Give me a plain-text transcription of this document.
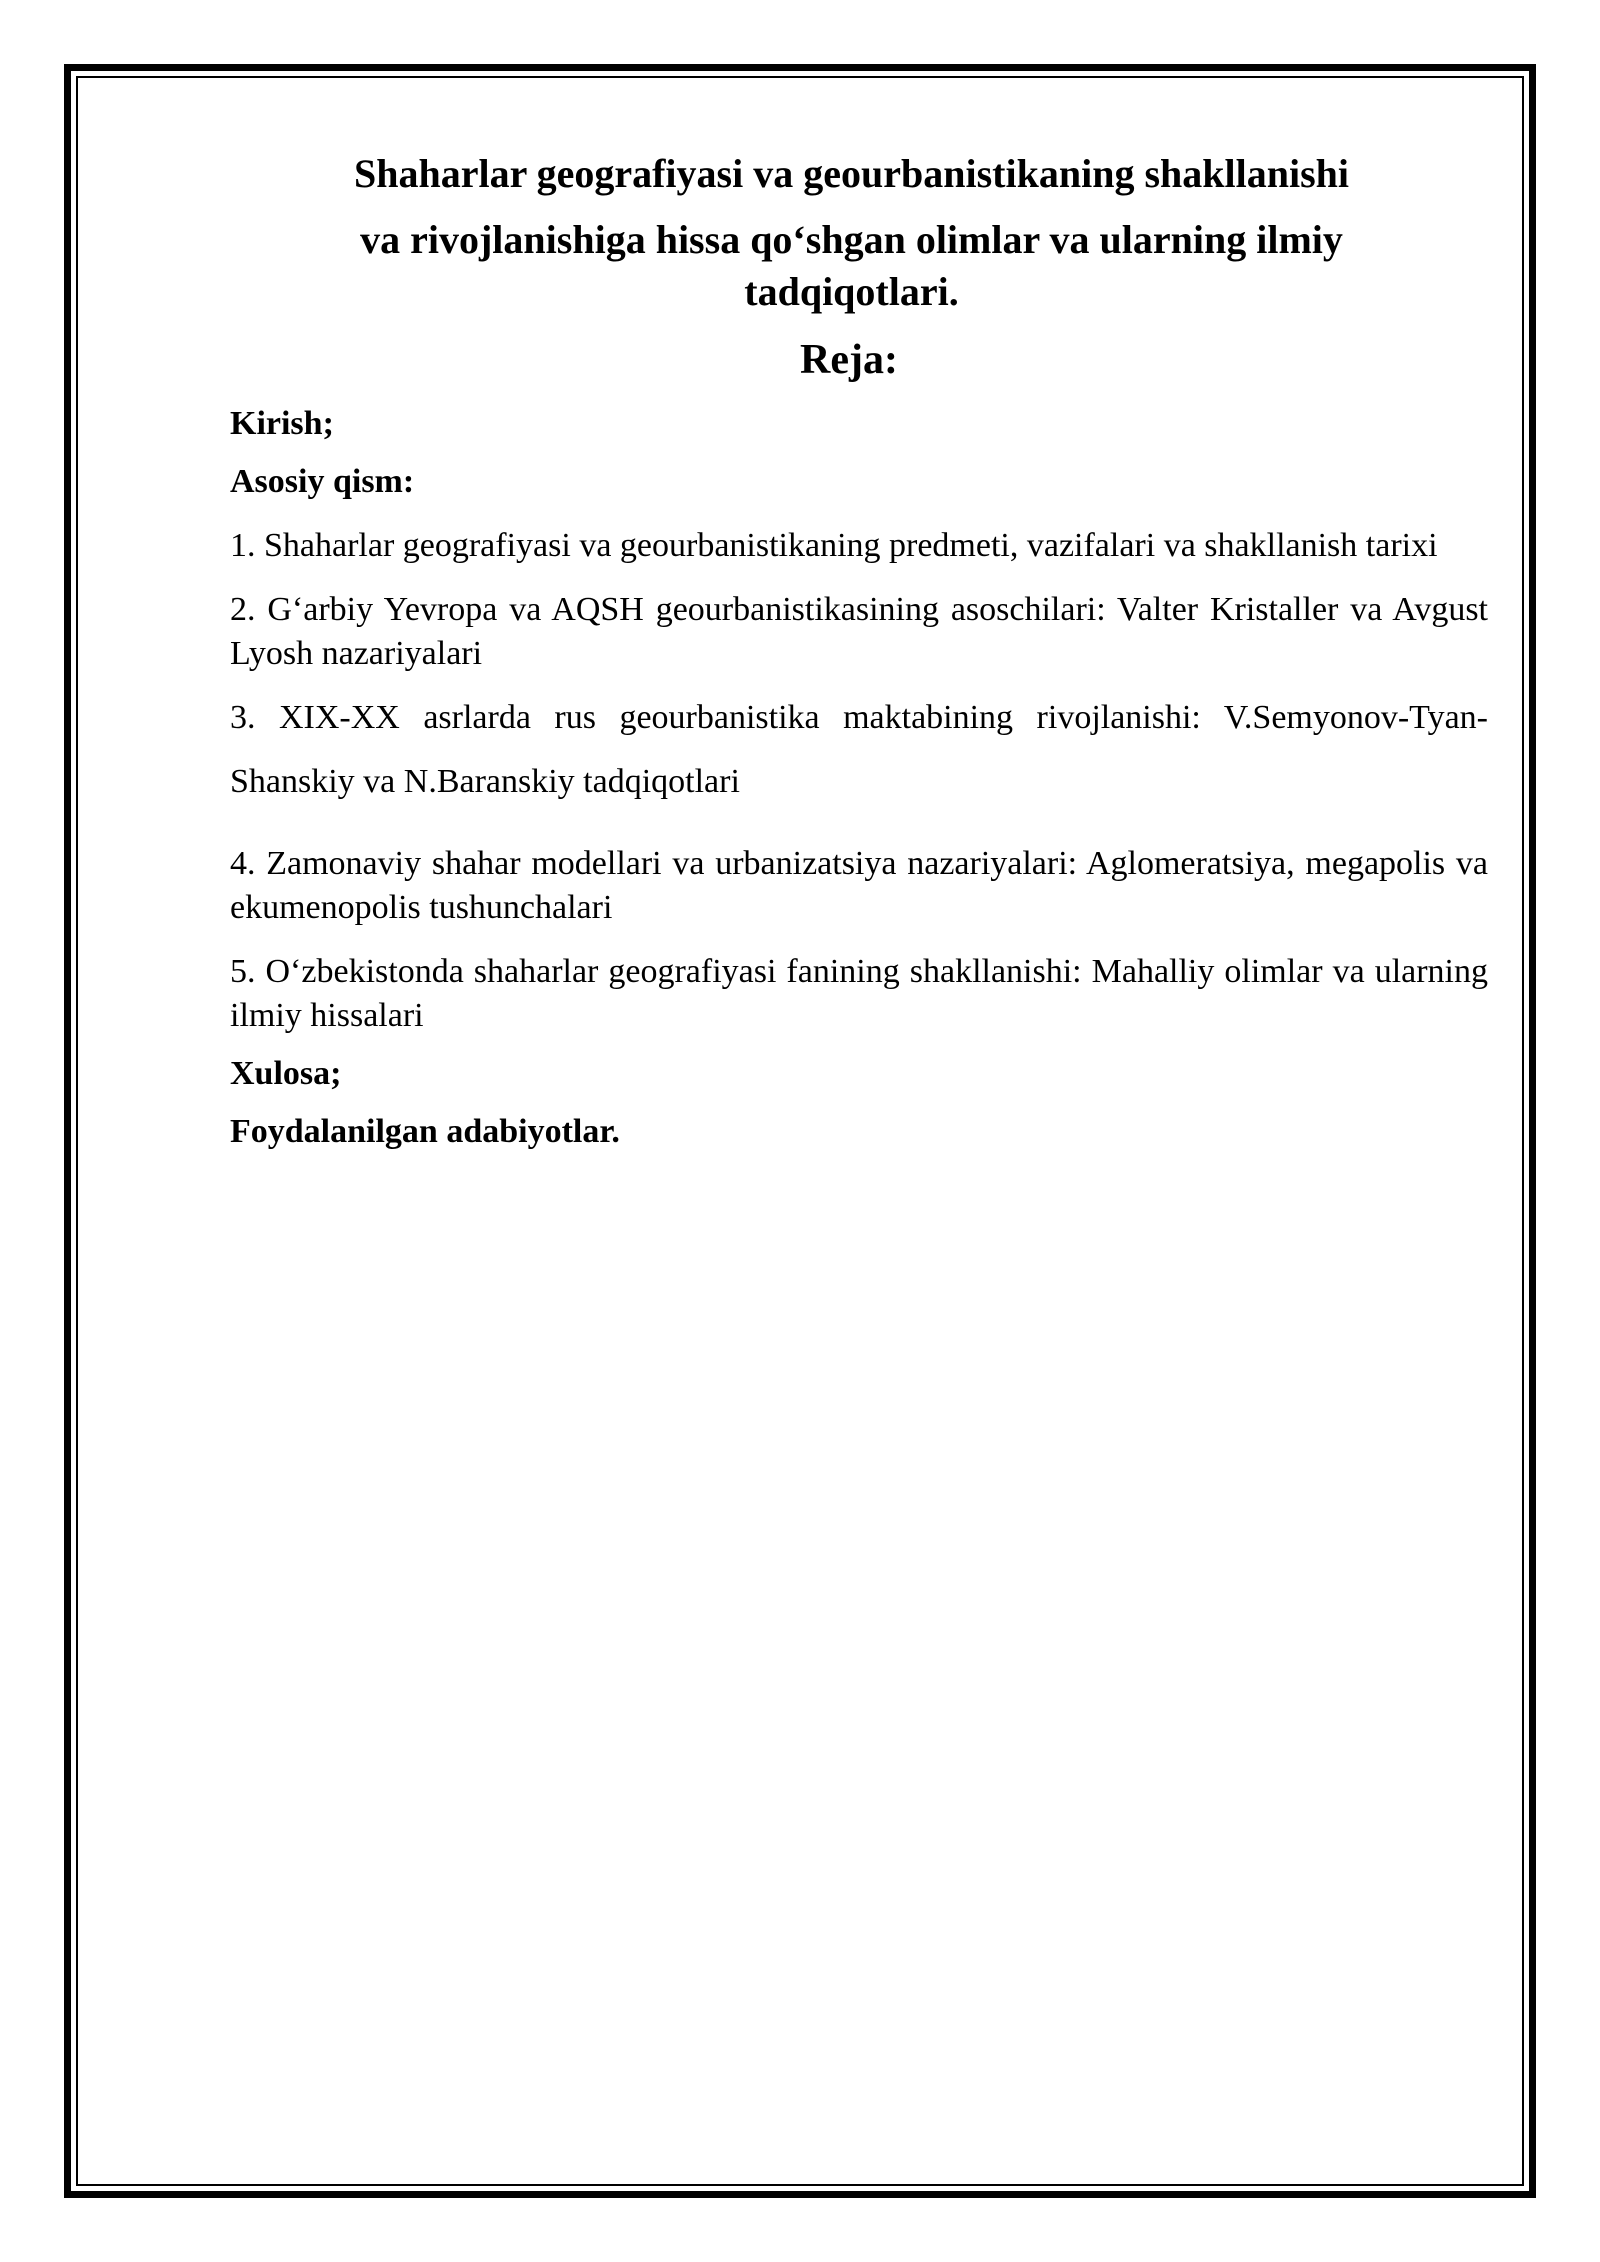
Shaharlar geografiyasi va geourbanistikaning shakllanishi
va rivojlanishiga hissa qo‘shgan olimlar va ularning ilmiy tadqiqotlari.
Reja:
Kirish;
Asosiy qism:
1. Shaharlar geografiyasi va geourbanistikaning predmeti, vazifalari va shakllanish tarixi
2. G‘arbiy Yevropa va AQSH geourbanistikasining asoschilari: Valter Kristaller va Avgust Lyosh nazariyalari
3. XIX-XX asrlarda rus geourbanistika maktabining rivojlanishi: V.Semyonov-Tyan-Shanskiy va N.Baranskiy tadqiqotlari
4. Zamonaviy shahar modellari va urbanizatsiya nazariyalari: Aglomeratsiya, megapolis va ekumenopolis tushunchalari
5. O‘zbekistonda shaharlar geografiyasi fanining shakllanishi: Mahalliy olimlar va ularning ilmiy hissalari
Xulosa;
Foydalanilgan adabiyotlar.
